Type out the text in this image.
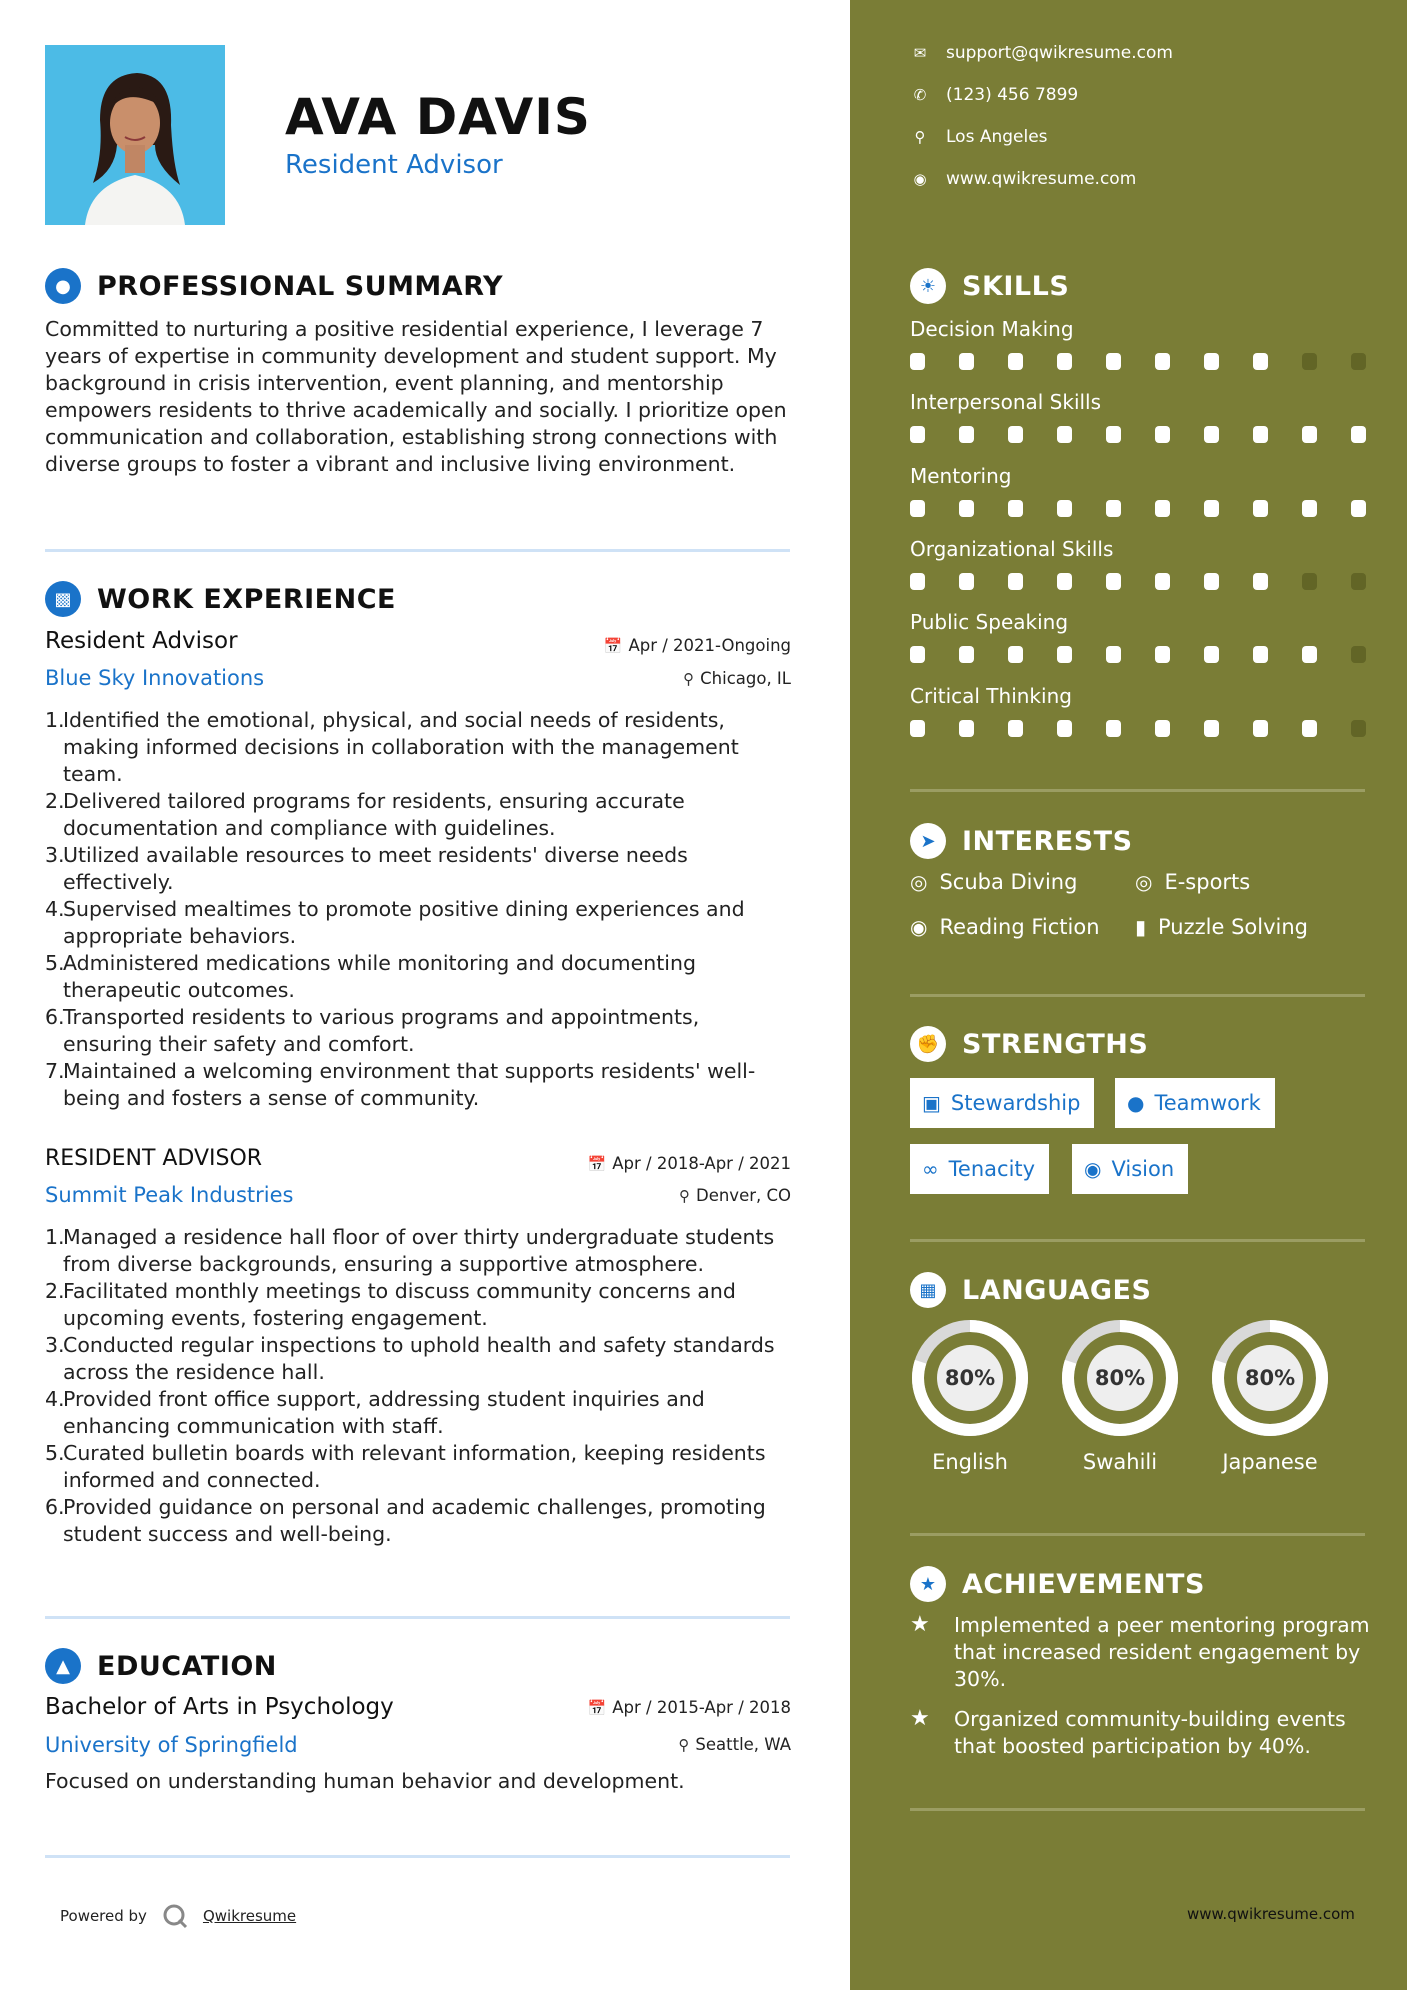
AVA DAVIS
Resident Advisor
● PROFESSIONAL SUMMARY
Committed to nurturing a positive residential experience, I leverage 7 years of expertise in community development and student support. My background in crisis intervention, event planning, and mentorship empowers residents to thrive academically and socially. I prioritize open communication and collaboration, establishing strong connections with diverse groups to foster a vibrant and inclusive living environment.
▩ WORK EXPERIENCE
Resident Advisor	📅 Apr / 2021-Ongoing
Blue Sky Innovations	⚲ Chicago, IL
Identified the emotional, physical, and social needs of residents, making informed decisions in collaboration with the management team.
Delivered tailored programs for residents, ensuring accurate documentation and compliance with guidelines.
Utilized available resources to meet residents' diverse needs effectively.
Supervised mealtimes to promote positive dining experiences and appropriate behaviors.
Administered medications while monitoring and documenting therapeutic outcomes.
Transported residents to various programs and appointments, ensuring their safety and comfort.
Maintained a welcoming environment that supports residents' well-being and fosters a sense of community.
RESIDENT ADVISOR	📅 Apr / 2018-Apr / 2021
Summit Peak Industries	⚲ Denver, CO
Managed a residence hall floor of over thirty undergraduate students from diverse backgrounds, ensuring a supportive atmosphere.
Facilitated monthly meetings to discuss community concerns and upcoming events, fostering engagement.
Conducted regular inspections to uphold health and safety standards across the residence hall.
Provided front office support, addressing student inquiries and enhancing communication with staff.
Curated bulletin boards with relevant information, keeping residents informed and connected.
Provided guidance on personal and academic challenges, promoting student success and well-being.
▲	EDUCATION
Bachelor of Arts in Psychology	📅 Apr / 2015-Apr / 2018
University of Springfield	⚲ Seattle, WA
Focused on understanding human behavior and development.
Powered by	Qwikresume
✉ support@qwikresume.com
✆ (123) 456 7899
⚲ Los Angeles
◉ www.qwikresume.com
☀ SKILLS
Decision Making
Interpersonal Skills
Mentoring
Organizational Skills
Public Speaking
Critical Thinking
➤ INTERESTS
◎ Scuba Diving	◎ E-sports
◉ Reading Fiction ▮ Puzzle Solving
✊ STRENGTHS
▣ Stewardship ● Teamwork
∞ Tenacity ◉ Vision
▦ LANGUAGES
80%
English
80%
Swahili
80%
Japanese
★ ACHIEVEMENTS
★	Implemented a peer mentoring program that increased resident engagement by 30%.
★	Organized community-building events that boosted participation by 40%.
www.qwikresume.com
